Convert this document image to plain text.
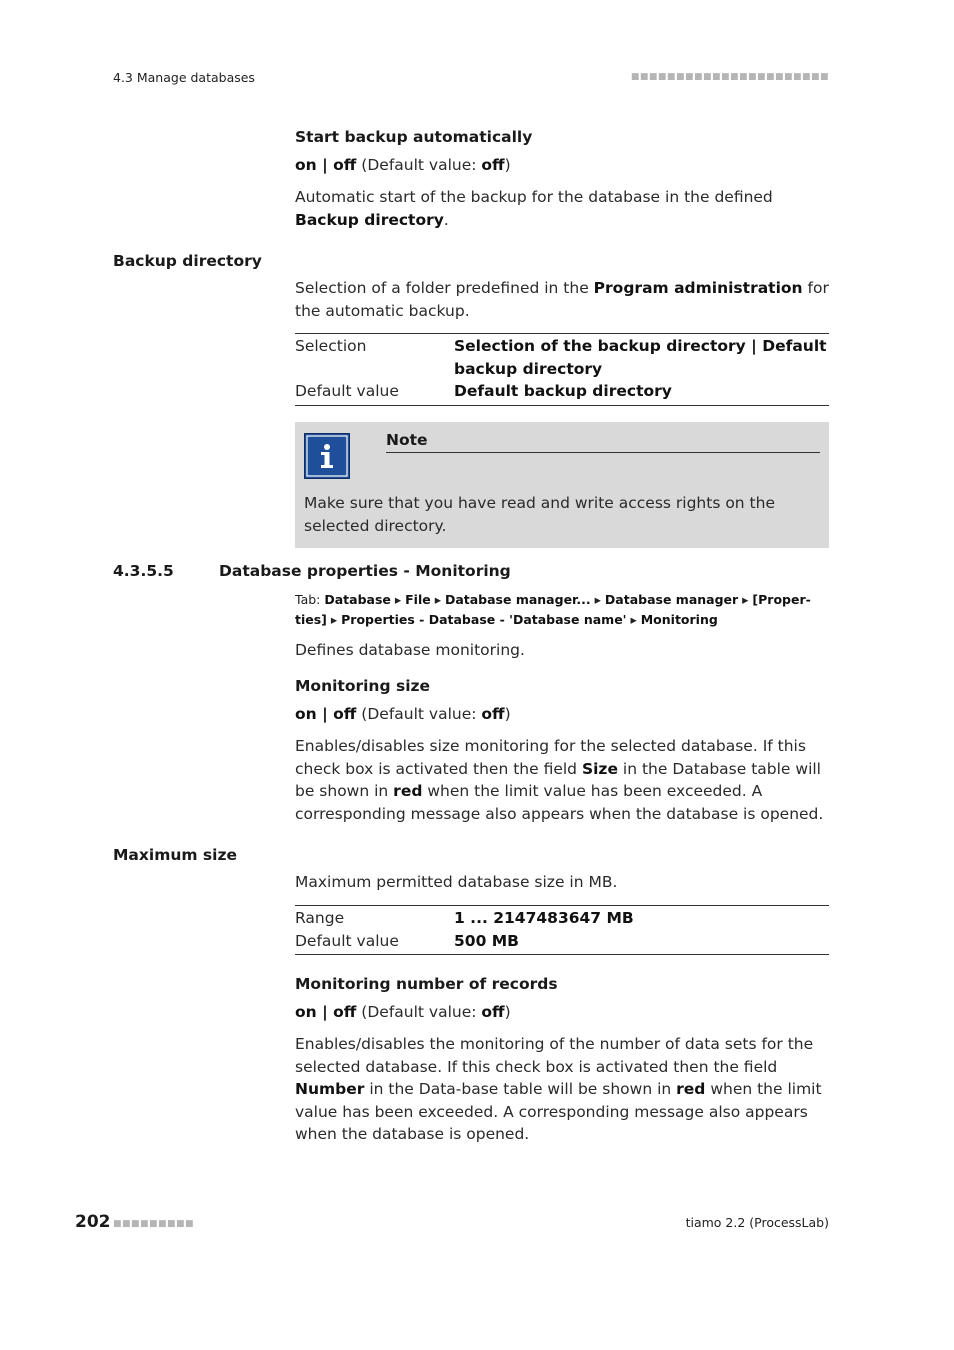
4.3 Manage databases	■■■■■■■■■■■■■■■■■■■■■■
Start backup automatically
on | off (Default value: off)
Automatic start of the backup for the database in the defined Backup directory.
Backup directory
Selection of a folder predefined in the Program administration for the automatic backup.
Selection	Selection of the backup directory | Default backup directory
Default value	Default backup directory
Note
Make sure that you have read and write access rights on the selected directory.
4.3.5.5	Database properties - Monitoring
Tab: Database ▸ File ▸ Database manager... ▸ Database manager ▸ [Proper-ties] ▸ Properties - Database - 'Database name' ▸ Monitoring
Defines database monitoring.
Monitoring size
on | off (Default value: off)
Enables/disables size monitoring for the selected database. If this check box is activated then the field Size in the Database table will be shown in red when the limit value has been exceeded. A corresponding message also appears when the database is opened.
Maximum size
Maximum permitted database size in MB.
Range	1 ... 2147483647 MB
Default value	500 MB
Monitoring number of records
on | off (Default value: off)
Enables/disables the monitoring of the number of data sets for the selected database. If this check box is activated then the field Number in the Data-base table will be shown in red when the limit value has been exceeded. A corresponding message also appears when the database is opened.
202 ■■■■■■■■■	tiamo 2.2 (ProcessLab)
